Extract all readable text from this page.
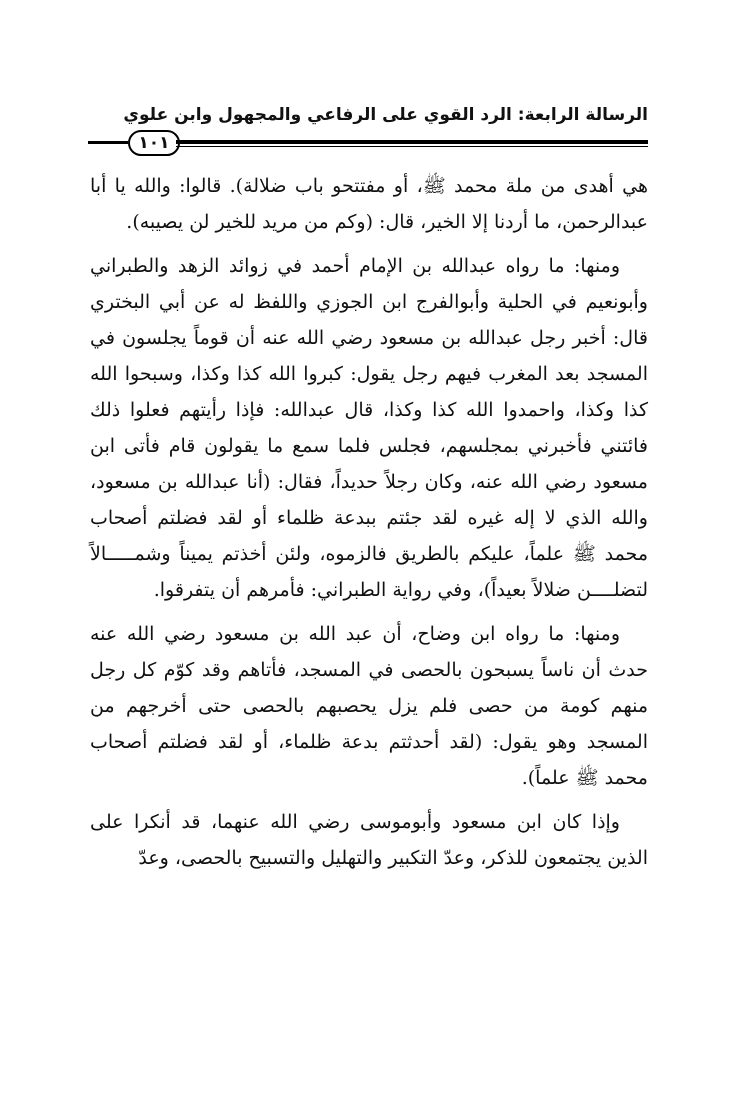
الرسالة الرابعة: الرد القوي على الرفاعي والمجهول وابن علوي
١٠١

هي أهدى من ملة محمد ﷺ، أو مفتتحو باب ضلالة). قالوا: والله يا أبا عبدالرحمن، ما أردنا إلا الخير، قال: (وكم من مريد للخير لن يصيبه).

ومنها: ما رواه عبدالله بن الإمام أحمد في زوائد الزهد والطبراني وأبونعيم في الحلية وأبوالفرج ابن الجوزي واللفظ له عن أبي البختري قال: أخبر رجل عبدالله بن مسعود رضي الله عنه أن قوماً يجلسون في المسجد بعد المغرب فيهم رجل يقول: كبروا الله كذا وكذا، وسبحوا الله كذا وكذا، واحمدوا الله كذا وكذا، قال عبدالله: فإذا رأيتهم فعلوا ذلك فائتني فأخبرني بمجلسهم، فجلس فلما سمع ما يقولون قام فأتى ابن مسعود رضي الله عنه، وكان رجلاً حديداً، فقال: (أنا عبدالله بن مسعود، والله الذي لا إله غيره لقد جئتم ببدعة ظلماء أو لقد فضلتم أصحاب محمد ﷺ علماً، عليكم بالطريق فالزموه، ولئن أخذتم يميناً وشمـــــالاً لتضلــــن ضلالاً بعيداً)، وفي رواية الطبراني: فأمرهم أن يتفرقوا.

ومنها: ما رواه ابن وضاح، أن عبد الله بن مسعود رضي الله عنه حدث أن ناساً يسبحون بالحصى في المسجد، فأتاهم وقد كوّم كل رجل منهم كومة من حصى فلم يزل يحصبهم بالحصى حتى أخرجهم من المسجد وهو يقول: (لقد أحدثتم بدعة ظلماء، أو لقد فضلتم أصحاب محمد ﷺ علماً).

وإذا كان ابن مسعود وأبوموسى رضي الله عنهما، قد أنكرا على الذين يجتمعون للذكر، وعدّ التكبير والتهليل والتسبيح بالحصى، وعدّ
